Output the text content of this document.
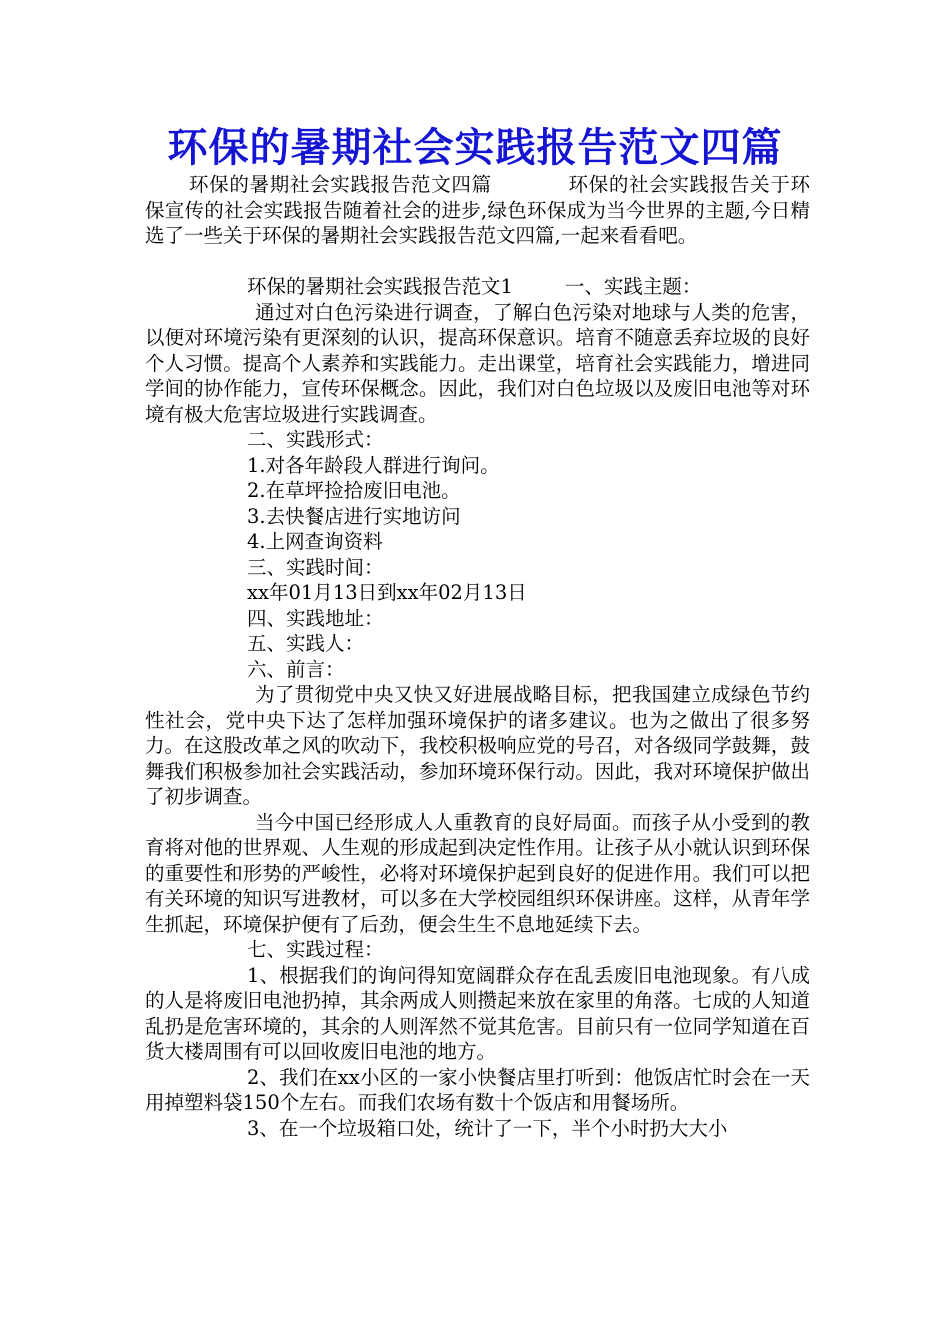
环保的暑期社会实践报告范文四篇

环保的暑期社会实践报告范文四篇	环保的社会实践报告关于环保宣传的社会实践报告随着社会的进步,绿色环保成为当今世界的主题,今日精选了一些关于环保的暑期社会实践报告范文四篇,一起来看看吧。

环保的暑期社会实践报告范文1	一、实践主题：

通过对白色污染进行调查，了解白色污染对地球与人类的危害，以便对环境污染有更深刻的认识，提高环保意识。培育不随意丢弃垃圾的良好个人习惯。提高个人素养和实践能力。走出课堂，培育社会实践能力，增进同学间的协作能力，宣传环保概念。因此，我们对白色垃圾以及废旧电池等对环境有极大危害垃圾进行实践调查。

二、实践形式：

1.对各年龄段人群进行询问。

2.在草坪捡拾废旧电池。

3.去快餐店进行实地访问

4.上网查询资料

三、实践时间：

xx年01月13日到xx年02月13日

四、实践地址：

五、实践人：

六、前言：

为了贯彻党中央又快又好进展战略目标，把我国建立成绿色节约性社会，党中央下达了怎样加强环境保护的诸多建议。也为之做出了很多努力。在这股改革之风的吹动下，我校积极响应党的号召，对各级同学鼓舞，鼓舞我们积极参加社会实践活动，参加环境环保行动。因此，我对环境保护做出了初步调查。

当今中国已经形成人人重教育的良好局面。而孩子从小受到的教育将对他的世界观、人生观的形成起到决定性作用。让孩子从小就认识到环保的重要性和形势的严峻性，必将对环境保护起到良好的促进作用。我们可以把有关环境的知识写进教材，可以多在大学校园组织环保讲座。这样，从青年学生抓起，环境保护便有了后劲，便会生生不息地延续下去。

七、实践过程：

1、根据我们的询问得知宽阔群众存在乱丢废旧电池现象。有八成的人是将废旧电池扔掉，其余两成人则攒起来放在家里的角落。七成的人知道乱扔是危害环境的，其余的人则浑然不觉其危害。目前只有一位同学知道在百货大楼周围有可以回收废旧电池的地方。

2、我们在xx小区的一家小快餐店里打听到：他饭店忙时会在一天用掉塑料袋150个左右。而我们农场有数十个饭店和用餐场所。

3、在一个垃圾箱口处，统计了一下，半个小时扔大大小
